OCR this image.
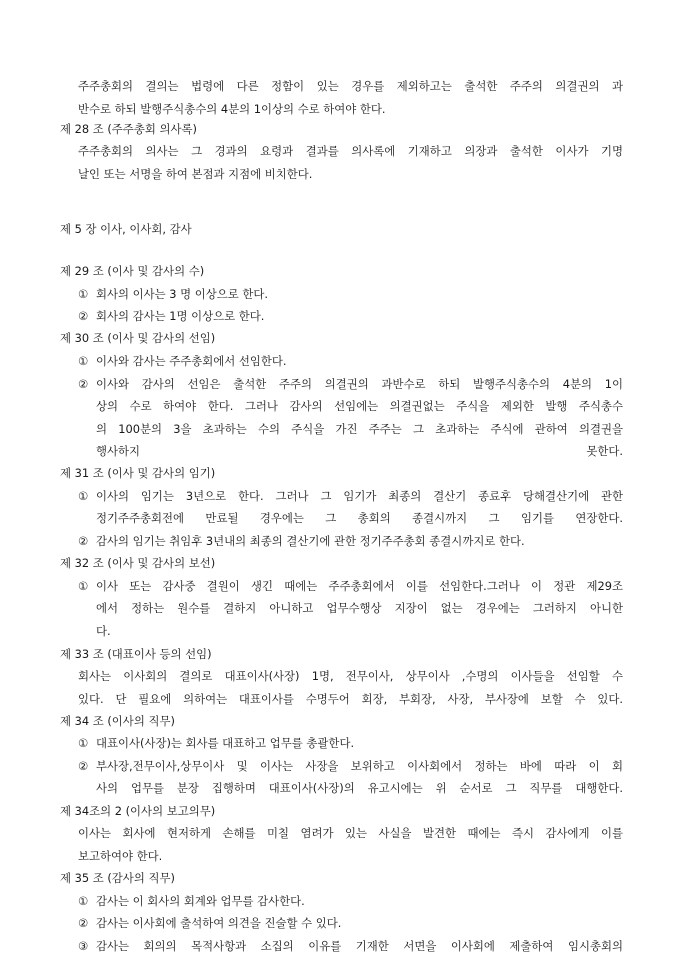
주주총회의 결의는 법령에 다른 정함이 있는 경우를 제외하고는 출석한 주주의 의결권의 과
반수로 하되 발행주식총수의 4분의 1이상의 수로 하여야 한다.
제 28 조 (주주총회 의사록)
주주총회의 의사는 그 경과의 요령과 결과를 의사록에 기재하고 의장과 출석한 이사가 기명
날인 또는 서명을 하여 본점과 지점에 비치한다.
제 5 장 이사, 이사회, 감사
제 29 조 (이사 및 감사의 수)
① 회사의 이사는 3 명 이상으로 한다.
② 회사의 감사는 1명 이상으로 한다.
제 30 조 (이사 및 감사의 선임)
① 이사와 감사는 주주총회에서 선임한다.
② 이사와 감사의 선임은 출석한 주주의 의결권의 과반수로 하되 발행주식총수의 4분의 1이
상의 수로 하여야 한다. 그러나 감사의 선임에는 의결권없는 주식을 제외한 발행 주식총수
의 100분의 3을 초과하는 수의 주식을 가진 주주는 그 초과하는 주식에 관하여 의결권을
행사하지 못한다.
제 31 조 (이사 및 감사의 임기)
① 이사의 임기는 3년으로 한다. 그러나 그 임기가 최종의 결산기 종료후 당해결산기에 관한
정기주주총회전에 만료될 경우에는 그 총회의 종결시까지 그 임기를 연장한다.
② 감사의 임기는 취임후 3년내의 최종의 결산기에 관한 정기주주총회 종결시까지로 한다.
제 32 조 (이사 및 감사의 보선)
① 이사 또는 감사중 결원이 생긴 때에는 주주총회에서 이를 선임한다.그러나 이 정관 제29조
에서 정하는 원수를 결하지 아니하고 업무수행상 지장이 없는 경우에는 그러하지 아니한
다.
제 33 조 (대표이사 등의 선임)
회사는 이사회의 결의로 대표이사(사장) 1명, 전무이사, 상무이사 ,수명의 이사들을 선임할 수
있다. 단 필요에 의하여는 대표이사를 수명두어 회장, 부회장, 사장, 부사장에 보할 수 있다.
제 34 조 (이사의 직무)
① 대표이사(사장)는 회사를 대표하고 업무를 총괄한다.
② 부사장,전무이사,상무이사 및 이사는 사장을 보위하고 이사회에서 정하는 바에 따라 이 회
사의 업무를 분장 집행하며 대표이사(사장)의 유고시에는 위 순서로 그 직무를 대행한다.
제 34조의 2 (이사의 보고의무)
이사는 회사에 현저하게 손해를 미칠 염려가 있는 사실을 발견한 때에는 즉시 감사에게 이를
보고하여야 한다.
제 35 조 (감사의 직무)
① 감사는 이 회사의 회계와 업무를 감사한다.
② 감사는 이사회에 출석하여 의견을 진술할 수 있다.
③ 감사는 회의의 목적사항과 소집의 이유를 기재한 서면을 이사회에 제출하여 임시총회의
